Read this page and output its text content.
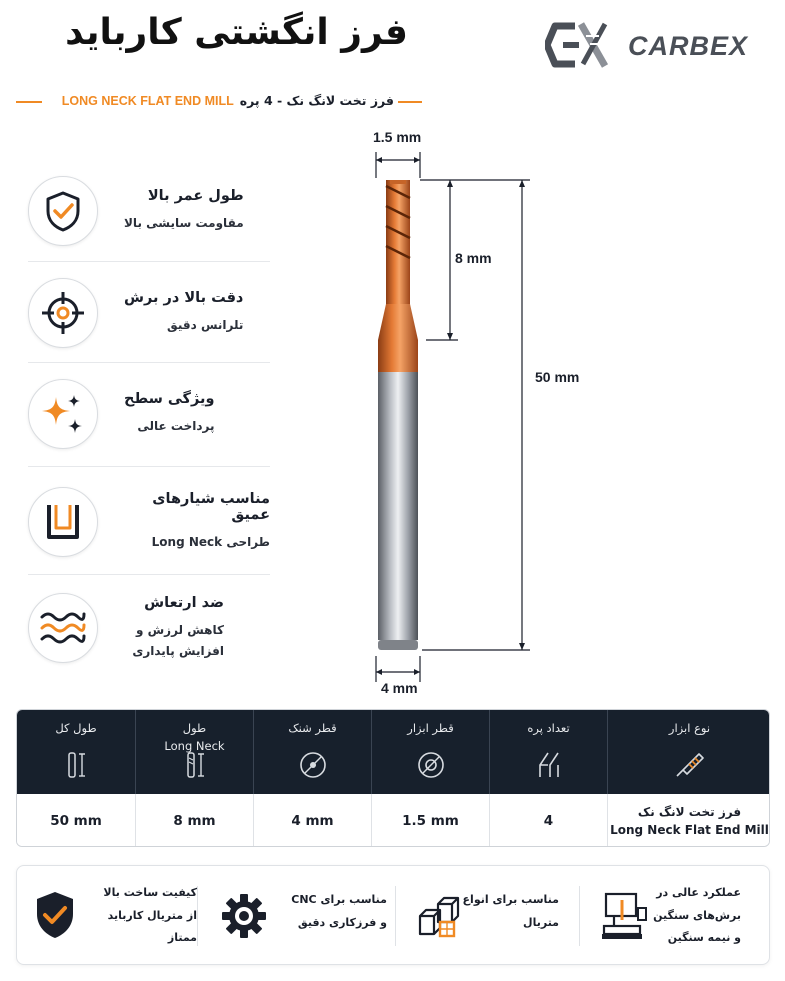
فرز انگشتی کارباید	CARBEX
فرز تخت لانگ نک - 4 پره
LONG NECK FLAT END MILL
طول عمر بالا
مقاومت سایشی بالا
دقت بالا در برش
تلرانس دقیق
ویژگی سطح
پرداخت عالی
مناسب شیارهای عمیق
طراحی Long Neck
ضد ارتعاش
کاهش لرزش و افزایش پایداری
1.5 mm
8 mm
50 mm
4 mm
نوع ابزار
تعداد پره
قطر ابزار
قطر شنک
طول
Long Neck
طول کل
فرز تخت لانگ نک
Long Neck Flat End Mill
4
1.5 mm
4 mm
8 mm
50 mm
عملکرد عالی در
برش‌های سنگین
و نیمه سنگین
مناسب برای انواع
متریال
مناسب برای CNC
و فرزکاری دقیق
کیفیت ساخت بالا
از متریال کارباید
ممتاز
